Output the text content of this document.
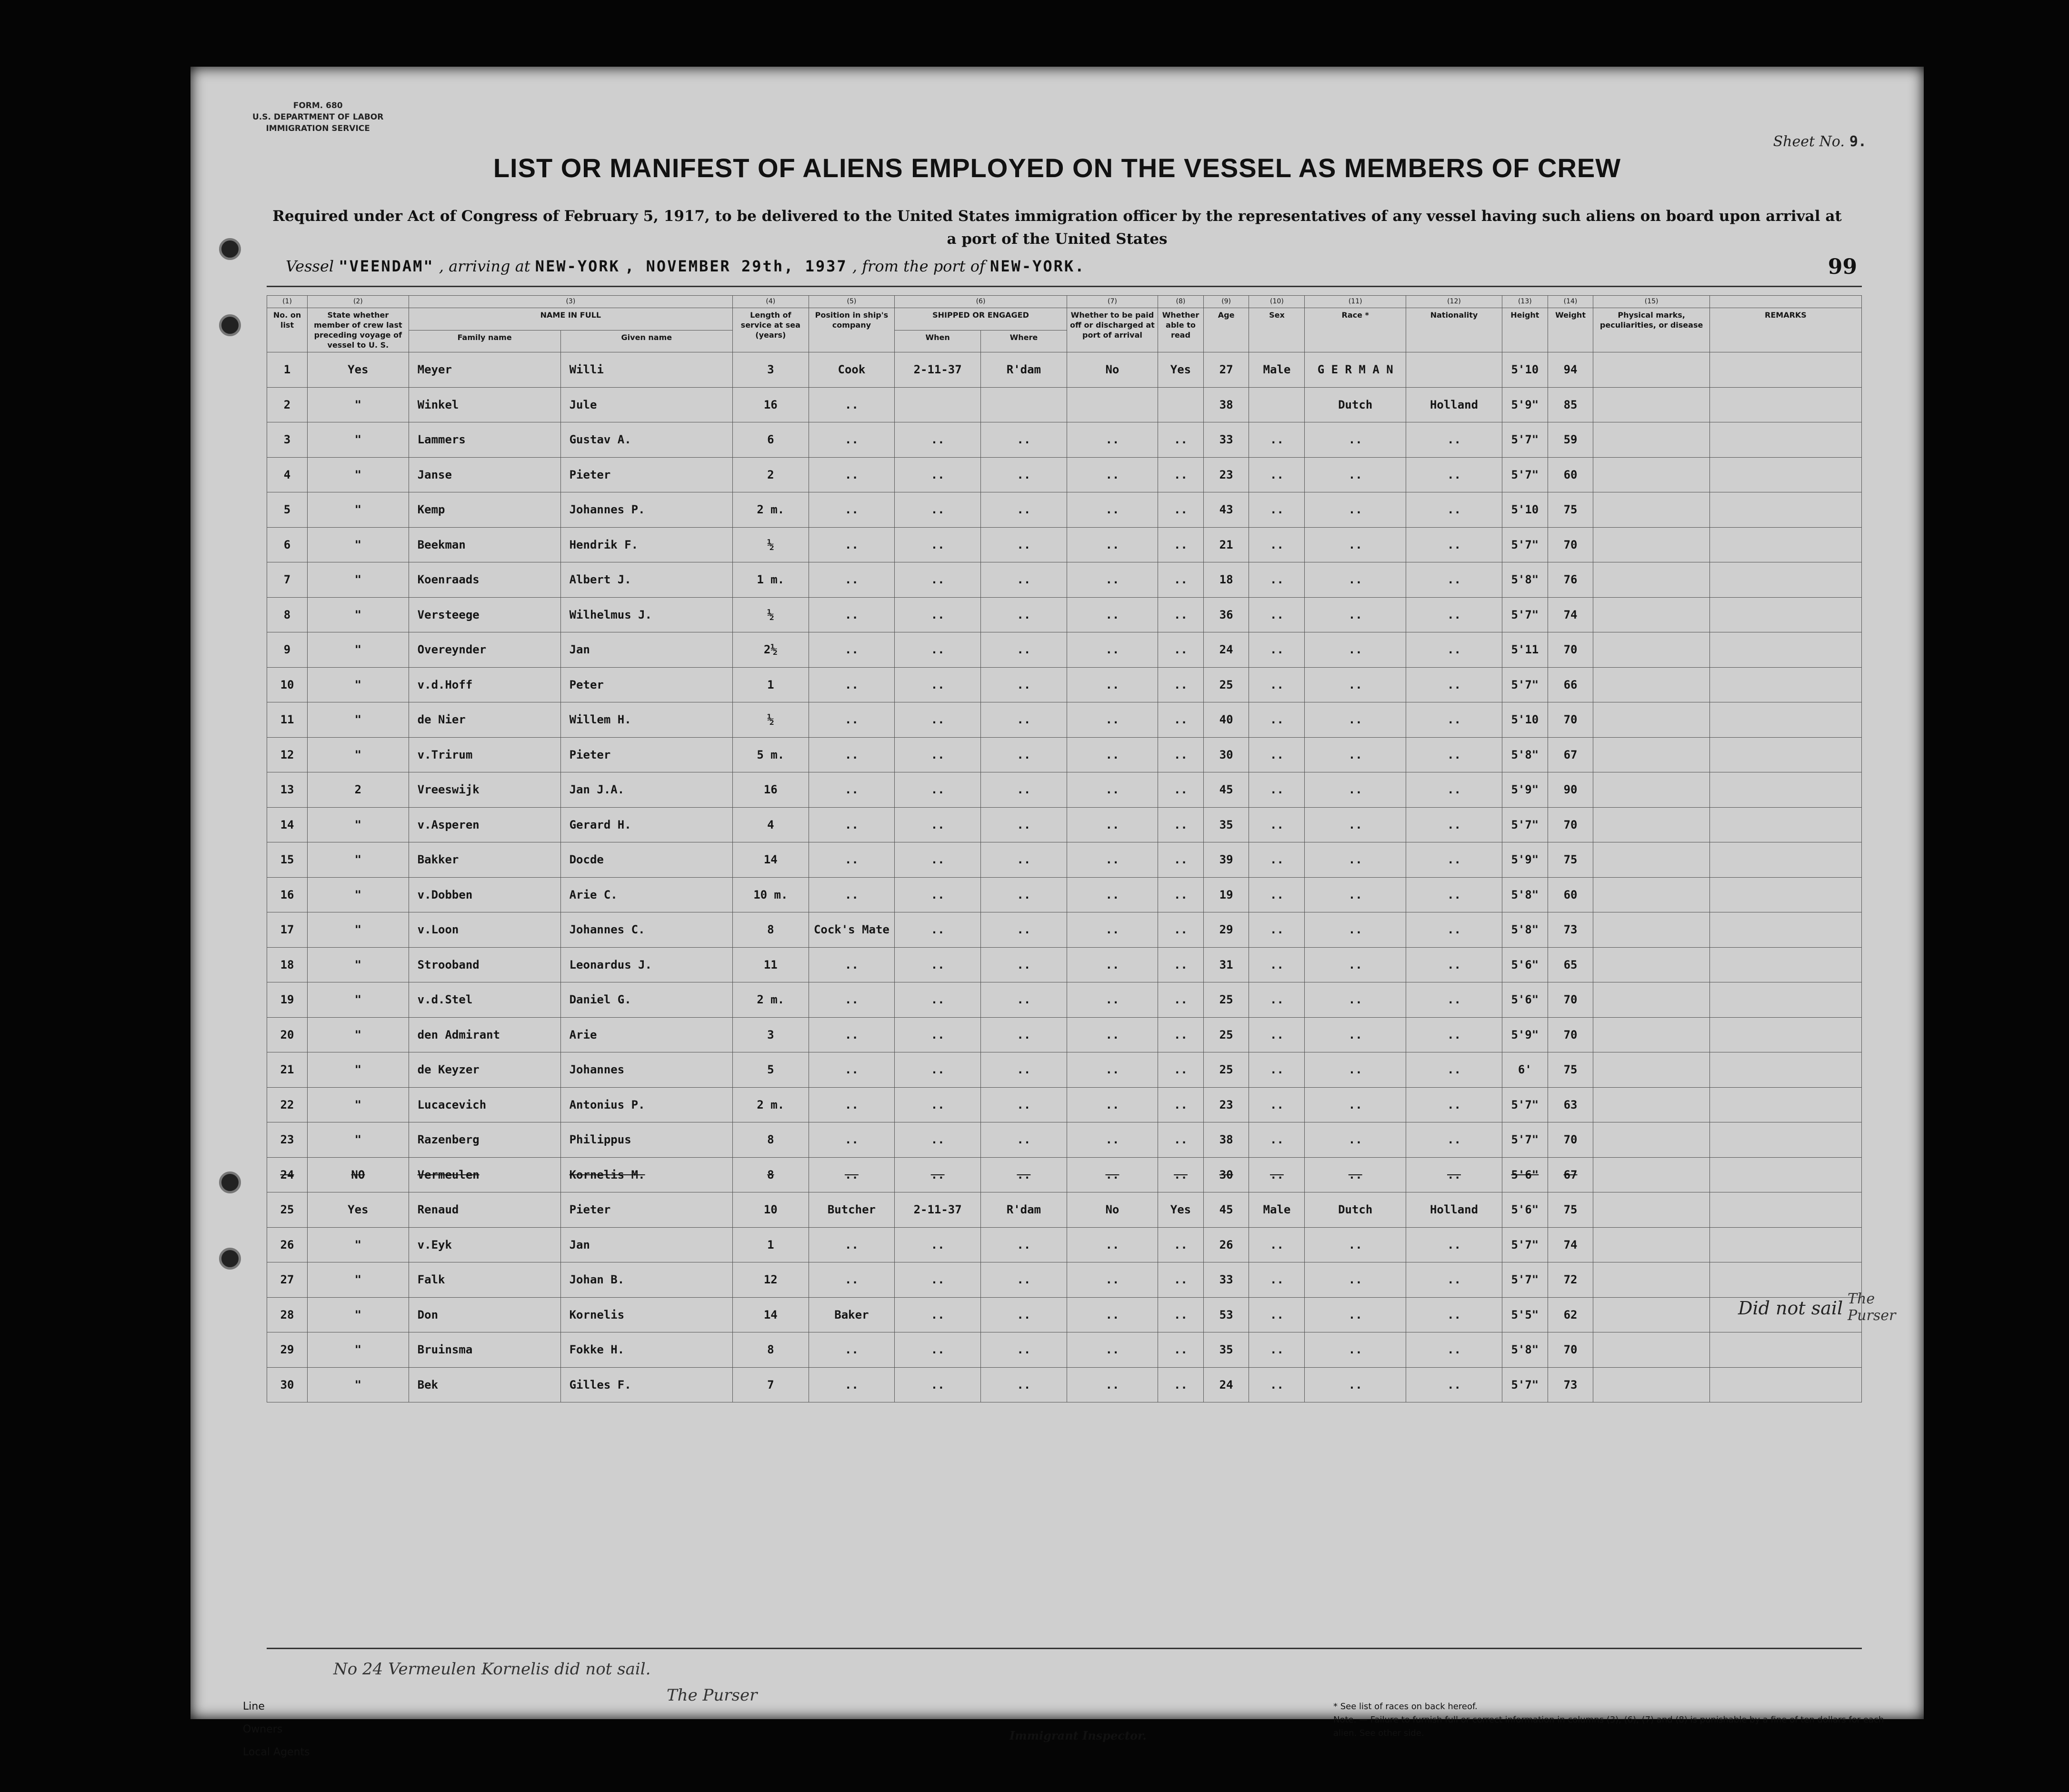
FORM. 680
U.S. DEPARTMENT OF LABOR
IMMIGRATION SERVICE
Sheet No. 9.
LIST OR MANIFEST OF ALIENS EMPLOYED ON THE VESSEL AS MEMBERS OF CREW
Required under Act of Congress of February 5, 1917, to be delivered to the United States immigration officer by the representatives of any vessel having such aliens on board upon arrival at a port of the United States
Vessel "VEENDAM" , arriving at NEW-YORK , NOVEMBER 29th, 1937 , from the port of NEW-YORK.	99
(1)	(2)	(3)		(4)	(5)	(6)		(7)	(8)	(9)	(10)	(11)	(12)	(13)	(14)	(15)	
No. on list	State whether member of crew last preceding voyage of vessel to U. S.	NAME IN FULL		Length of service at sea (years)	Position in ship's company	SHIPPED OR ENGAGED		Whether to be paid off or discharged at port of arrival	Whether able to read	Age	Sex	Race *	Nationality	Height	Weight	Physical marks, peculiarities, or disease	REMARKS
		Family name	Given name			When	Where										
1	Yes	Meyer	Willi	3	Cook	2-11-37	R'dam	No	Yes	27	Male	G E R M A N		5'10	94		
2	"	Winkel	Jule	16	..					38		Dutch	Holland	5'9"	85		
3	"	Lammers	Gustav A.	6	..	..	..	..	..	33	..	..	..	5'7"	59		
4	"	Janse	Pieter	2	..	..	..	..	..	23	..	..	..	5'7"	60		
5	"	Kemp	Johannes P.	2 m.	..	..	..	..	..	43	..	..	..	5'10	75		
6	"	Beekman	Hendrik F.	½	..	..	..	..	..	21	..	..	..	5'7"	70		
7	"	Koenraads	Albert J.	1 m.	..	..	..	..	..	18	..	..	..	5'8"	76		
8	"	Versteege	Wilhelmus J.	½	..	..	..	..	..	36	..	..	..	5'7"	74		
9	"	Overeynder	Jan	2½	..	..	..	..	..	24	..	..	..	5'11	70		
10	"	v.d.Hoff	Peter	1	..	..	..	..	..	25	..	..	..	5'7"	66		
11	"	de Nier	Willem H.	½	..	..	..	..	..	40	..	..	..	5'10	70		
12	"	v.Trirum	Pieter	5 m.	..	..	..	..	..	30	..	..	..	5'8"	67		
13	2	Vreeswijk	Jan J.A.	16	..	..	..	..	..	45	..	..	..	5'9"	90		
14	"	v.Asperen	Gerard H.	4	..	..	..	..	..	35	..	..	..	5'7"	70		
15	"	Bakker	Docde	14	..	..	..	..	..	39	..	..	..	5'9"	75		
16	"	v.Dobben	Arie C.	10 m.	..	..	..	..	..	19	..	..	..	5'8"	60		
17	"	v.Loon	Johannes C.	8	Cock's Mate	..	..	..	..	29	..	..	..	5'8"	73		
18	"	Strooband	Leonardus J.	11	..	..	..	..	..	31	..	..	..	5'6"	65		
19	"	v.d.Stel	Daniel G.	2 m.	..	..	..	..	..	25	..	..	..	5'6"	70		
20	"	den Admirant	Arie	3	..	..	..	..	..	25	..	..	..	5'9"	70		
21	"	de Keyzer	Johannes	5	..	..	..	..	..	25	..	..	..	6'	75		
22	"	Lucacevich	Antonius P.	2 m.	..	..	..	..	..	23	..	..	..	5'7"	63		
23	"	Razenberg	Philippus	8	..	..	..	..	..	38	..	..	..	5'7"	70		
24	NO	Vermeulen	Kornelis M.	8	..	..	..	..	..	30	..	..	..	5'6"	67		
25	Yes	Renaud	Pieter	10	Butcher	2-11-37	R'dam	No	Yes	45	Male	Dutch	Holland	5'6"	75		
26	"	v.Eyk	Jan	1	..	..	..	..	..	26	..	..	..	5'7"	74		
27	"	Falk	Johan B.	12	..	..	..	..	..	33	..	..	..	5'7"	72		
28	"	Don	Kornelis	14	Baker	..	..	..	..	53	..	..	..	5'5"	62		
29	"	Bruinsma	Fokke H.	8	..	..	..	..	..	35	..	..	..	5'8"	70		
30	"	Bek	Gilles F.	7	..	..	..	..	..	24	..	..	..	5'7"	73		
Did not sail The Purser
No 24 Vermeulen Kornelis did not sail.
The Purser
Line
Owners
Local Agents
Immigrant Inspector.
* See list of races on back hereof.
Note. — Failure to furnish full or correct information in columns (3), (6), (7) and (8) is punishable by a fine of ten dollars for each alien. See other side.
